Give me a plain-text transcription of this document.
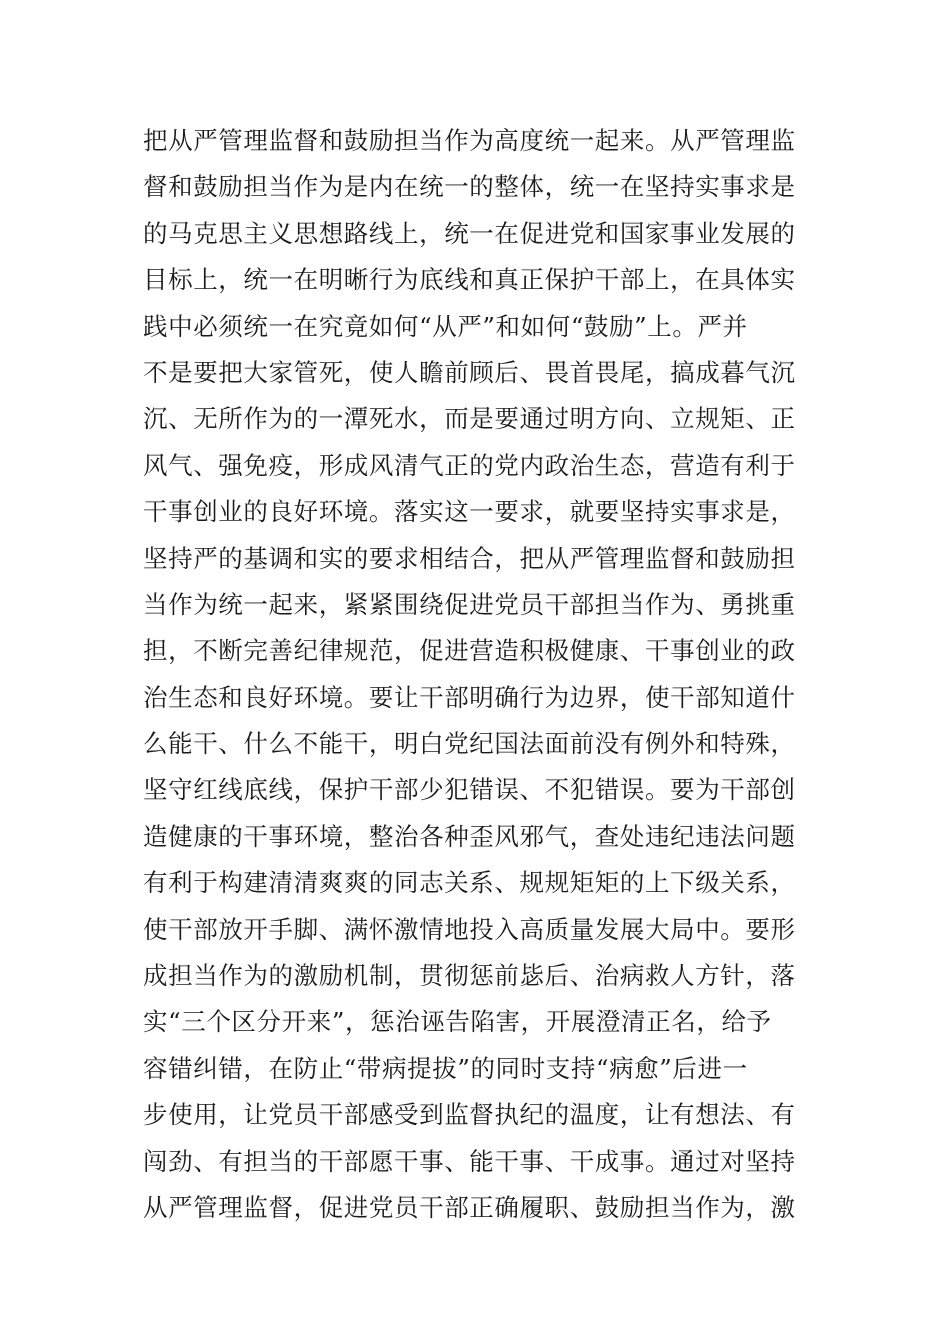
把从严管理监督和鼓励担当作为高度统一起来。从严管理监
督和鼓励担当作为是内在统一的整体，统一在坚持实事求是
的马克思主义思想路线上，统一在促进党和国家事业发展的
目标上，统一在明晰行为底线和真正保护干部上，在具体实
践中必须统一在究竟如何“从严”和如何“鼓励”上。严并
不是要把大家管死，使人瞻前顾后、畏首畏尾，搞成暮气沉
沉、无所作为的一潭死水，而是要通过明方向、立规矩、正
风气、强免疫，形成风清气正的党内政治生态，营造有利于
干事创业的良好环境。落实这一要求，就要坚持实事求是，
坚持严的基调和实的要求相结合，把从严管理监督和鼓励担
当作为统一起来，紧紧围绕促进党员干部担当作为、勇挑重
担，不断完善纪律规范，促进营造积极健康、干事创业的政
治生态和良好环境。要让干部明确行为边界，使干部知道什
么能干、什么不能干，明白党纪国法面前没有例外和特殊，
坚守红线底线，保护干部少犯错误、不犯错误。要为干部创
造健康的干事环境，整治各种歪风邪气，查处违纪违法问题
有利于构建清清爽爽的同志关系、规规矩矩的上下级关系，
使干部放开手脚、满怀激情地投入高质量发展大局中。要形
成担当作为的激励机制，贯彻惩前毖后、治病救人方针，落
实“三个区分开来”，惩治诬告陷害，开展澄清正名，给予
容错纠错，在防止“带病提拔”的同时支持“病愈”后进一
步使用，让党员干部感受到监督执纪的温度，让有想法、有
闯劲、有担当的干部愿干事、能干事、干成事。通过对坚持
从严管理监督，促进党员干部正确履职、鼓励担当作为，激
